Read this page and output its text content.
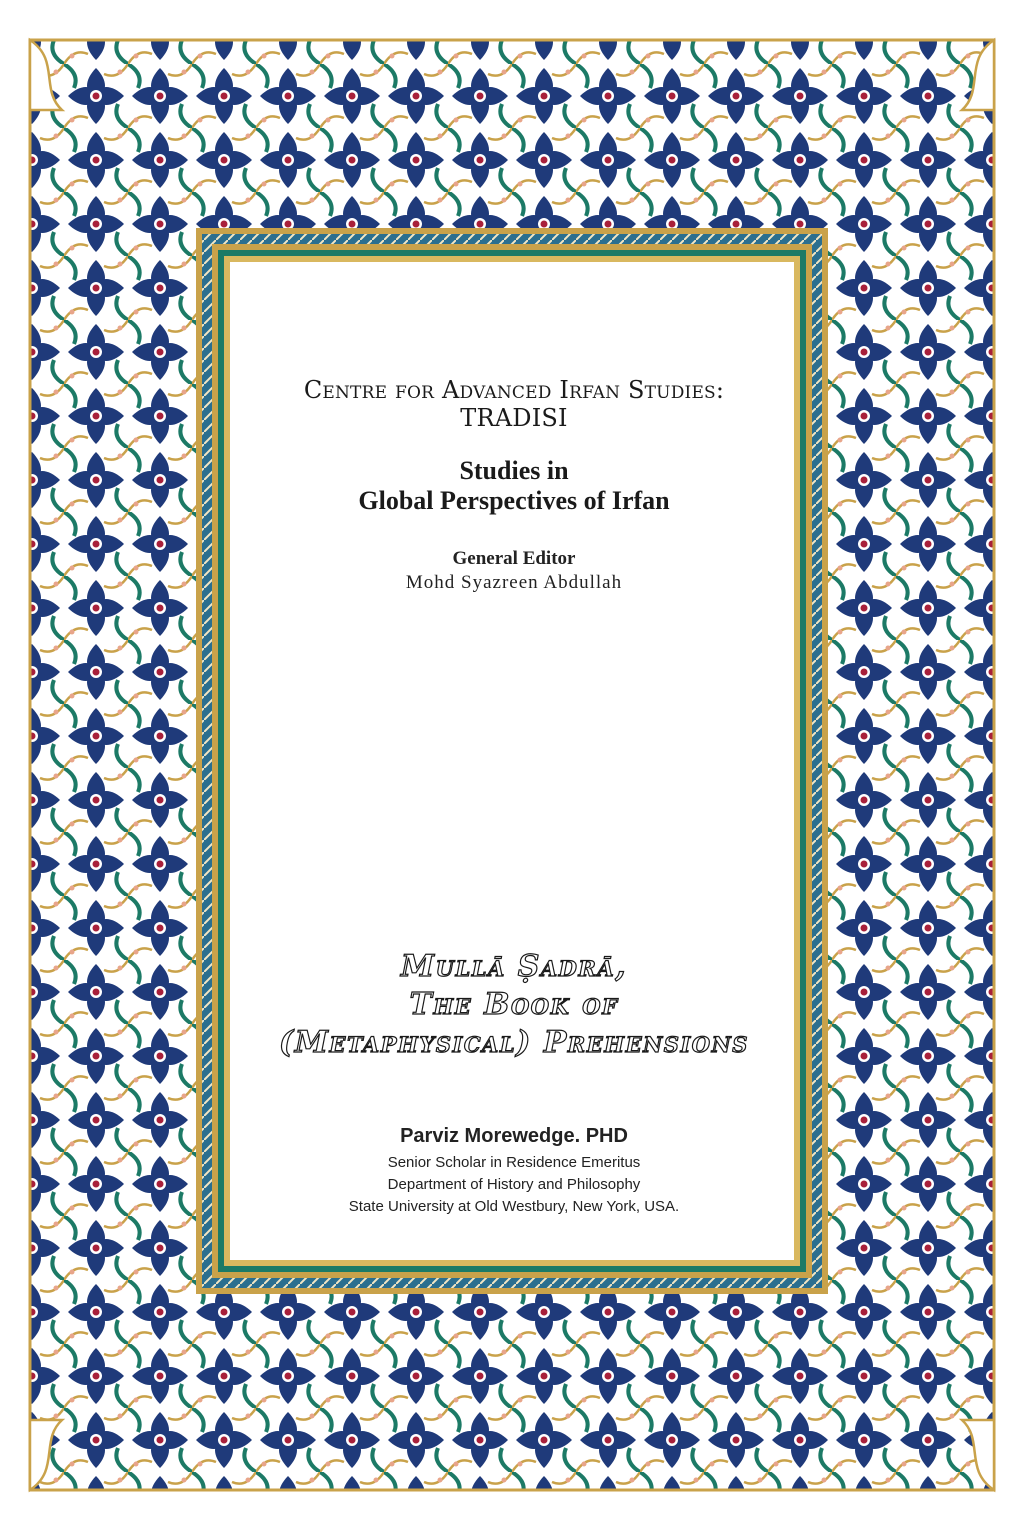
Centre for Advanced Irfan Studies:
TRADISI
Studies in
Global Perspectives of Irfan
General Editor
Mohd Syazreen Abdullah
Mullā Ṣadrā,
The Book of
(Metaphysical) Prehensions
Parviz Morewedge. PHD
Senior Scholar in Residence Emeritus
Department of History and Philosophy
State University at Old Westbury, New York, USA.
